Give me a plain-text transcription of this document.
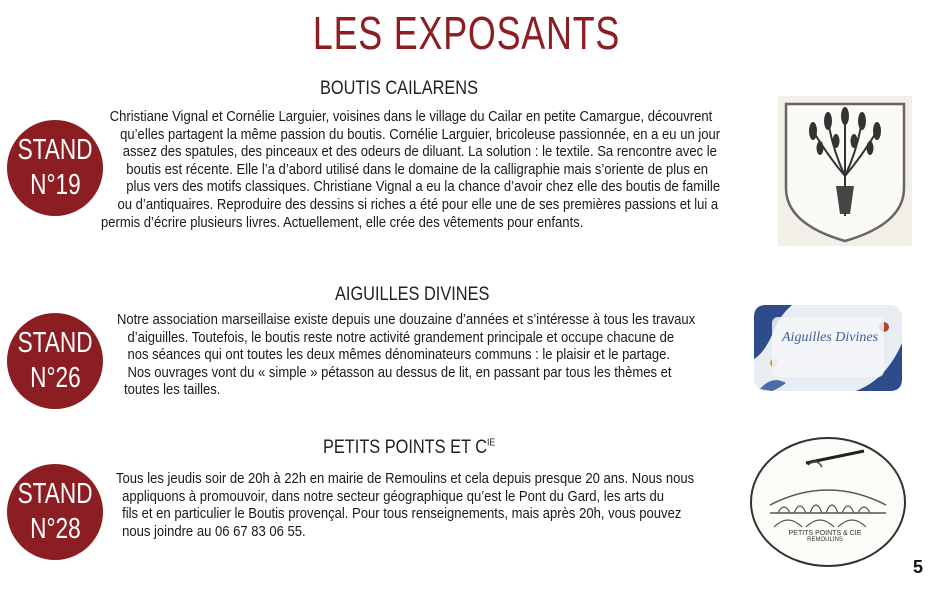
LES EXPOSANTS
BOUTIS CAILARENS
STAND
N°19
Christiane Vignal et Cornélie Larguier, voisines dans le village du Cailar en petite Camargue, découvrent
qu’elles partagent la même passion du boutis. Cornélie Larguier, bricoleuse passionnée, en a eu un jour
assez des spatules, des pinceaux et des odeurs de diluant. La solution : le textile. Sa rencontre avec le
boutis est récente. Elle l’a d’abord utilisé dans le domaine de la calligraphie mais s’oriente de plus en
plus vers des motifs classiques. Christiane Vignal a eu la chance d’avoir chez elle des boutis de famille
ou d’antiquaires. Reproduire des dessins si riches a été pour elle une de ses premières passions et lui a
permis d’écrire plusieurs livres. Actuellement, elle crée des vêtements pour enfants.
AIGUILLES DIVINES
STAND
N°26
Notre association marseillaise existe depuis une douzaine d’années et s’intéresse à tous les travaux
d’aiguilles. Toutefois, le boutis reste notre activité grandement principale et occupe chacune de
nos séances qui ont toutes les deux mêmes dénominateurs communs : le plaisir et le partage.
Nos ouvrages vont du « simple » pétasson au dessus de lit, en passant par tous les thèmes et
toutes les tailles.
Aiguilles Divines
PETITS POINTS ET $C^{IE}$
STAND
N°28
Tous les jeudis soir de 20h à 22h en mairie de Remoulins et cela depuis presque 20 ans. Nous nous
appliquons à promouvoir, dans notre secteur géographique qu’est le Pont du Gard, les arts du
fils et en particulier le Boutis provençal. Pour tous renseignements, mais après 20h, vous pouvez
nous joindre au 06 67 83 06 55.	PETITS POINTS & CIE
REMOULINS
5
